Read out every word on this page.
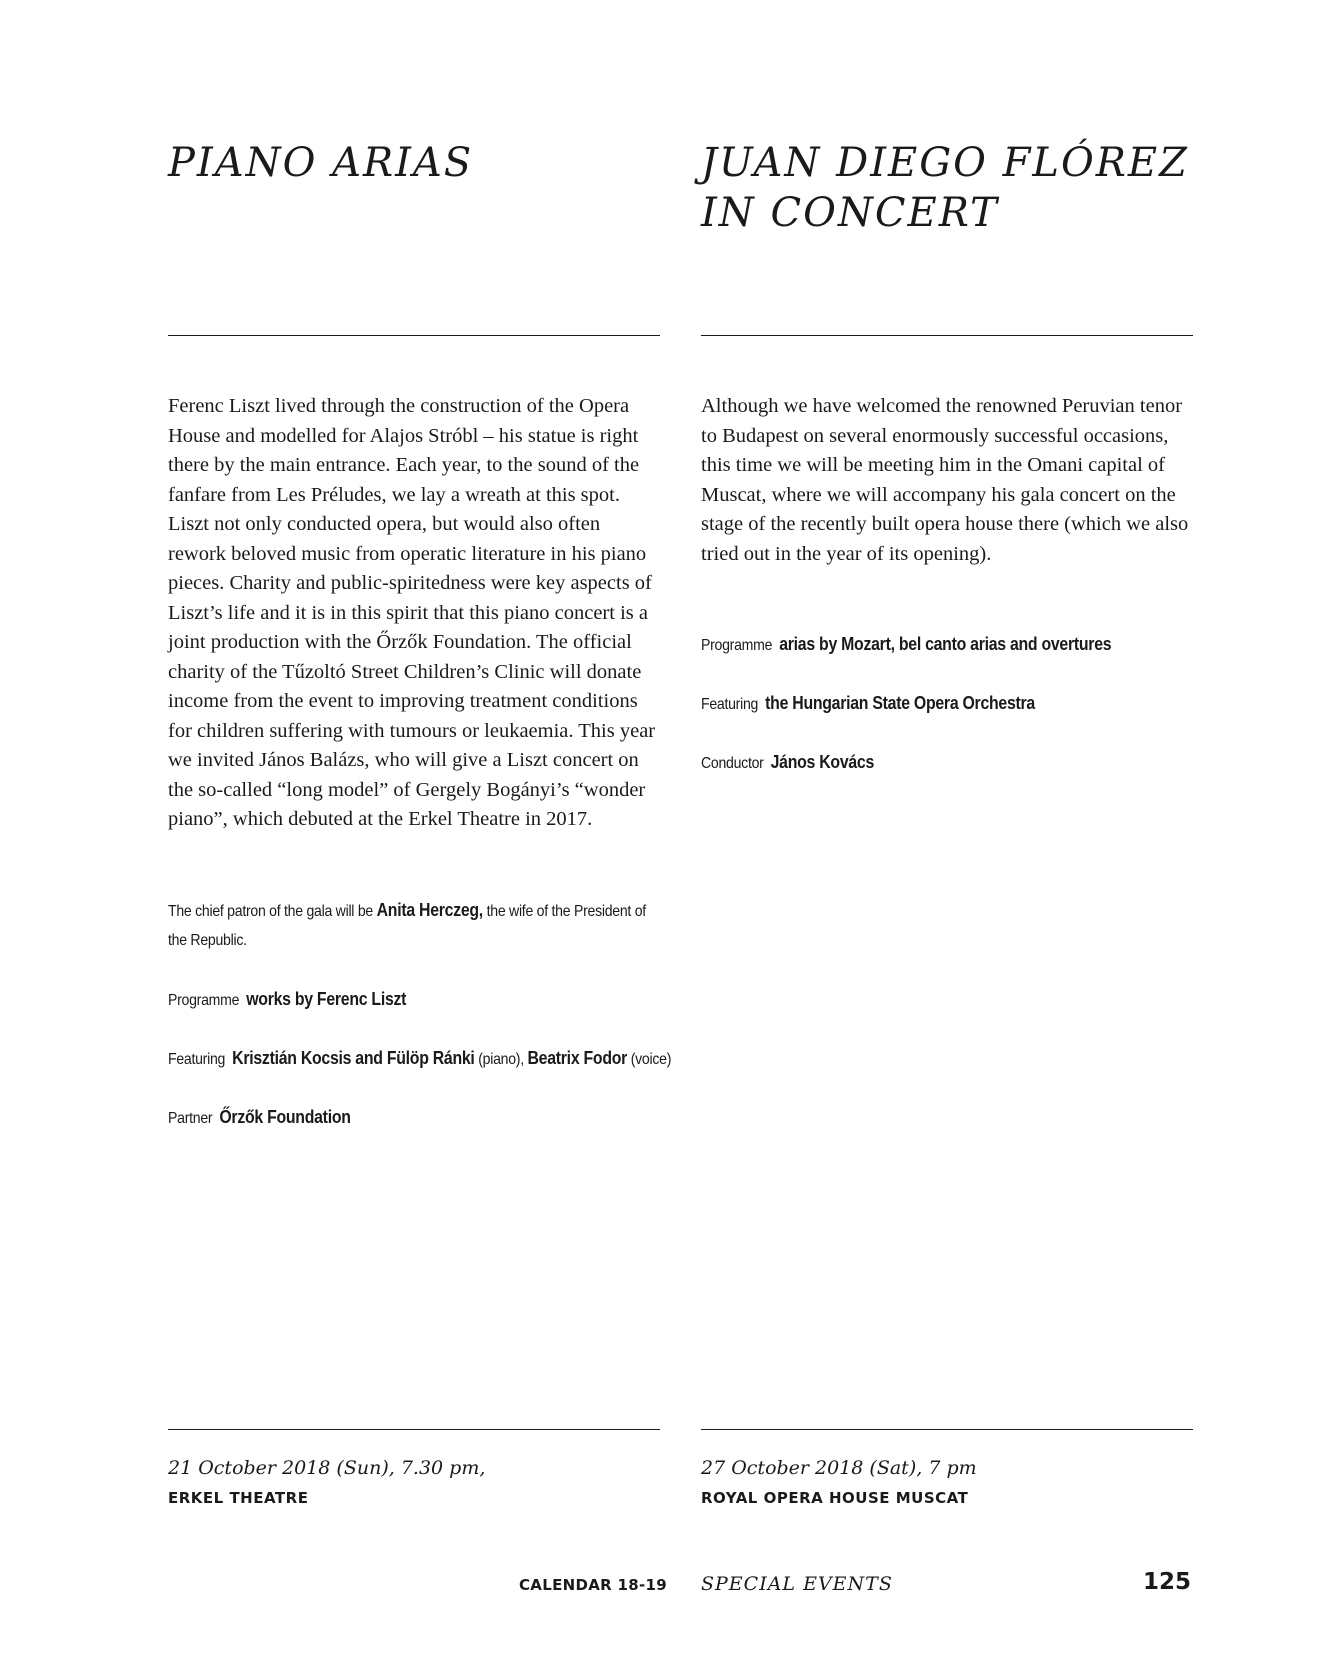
PIANO ARIAS

Ferenc Liszt lived through the construction of the Opera House and modelled for Alajos Stróbl – his statue is right there by the main entrance. Each year, to the sound of the fanfare from Les Préludes, we lay a wreath at this spot. Liszt not only conducted opera, but would also often rework beloved music from operatic literature in his piano pieces. Charity and public-spiritedness were key aspects of Liszt’s life and it is in this spirit that this piano concert is a joint production with the Őrzők Foundation. The official charity of the Tűzoltó Street Children’s Clinic will donate income from the event to improving treatment conditions for children suffering with tumours or leukaemia. This year we invited János Balázs, who will give a Liszt concert on the so-called “long model” of Gergely Bogányi’s “wonder piano”, which debuted at the Erkel Theatre in 2017.

The chief patron of the gala will be Anita Herczeg, the wife of the President of the Republic.
Programme works by Ferenc Liszt
Featuring Krisztián Kocsis and Fülöp Ránki (piano), Beatrix Fodor (voice)
Partner Őrzők Foundation

21 October 2018 (Sun), 7.30 pm,

ERKEL THEATRE

JUAN DIEGO FLÓREZ
IN CONCERT

Although we have welcomed the renowned Peruvian tenor to Budapest on several enormously successful occasions, this time we will be meeting him in the Omani capital of Muscat, where we will accompany his gala concert on the stage of the recently built opera house there (which we also tried out in the year of its opening).

Programme arias by Mozart, bel canto arias and overtures
Featuring the Hungarian State Opera Orchestra
Conductor János Kovács

27 October 2018 (Sat), 7 pm

ROYAL OPERA HOUSE MUSCAT

CALENDAR 18-19 SPECIAL EVENTS	125
